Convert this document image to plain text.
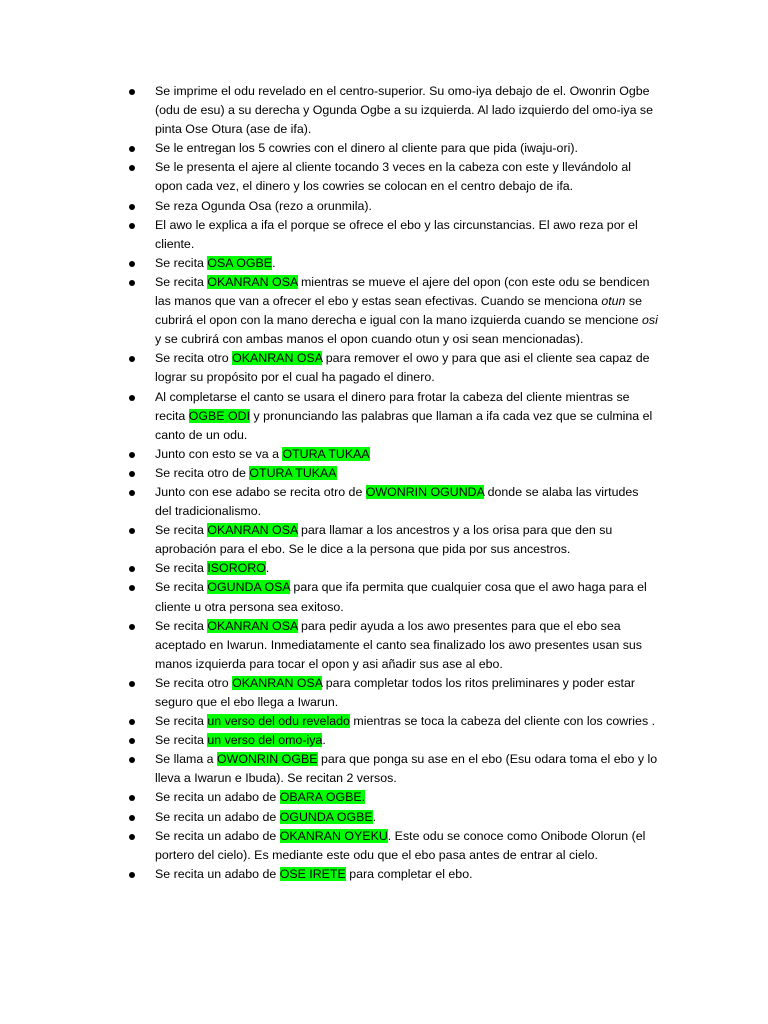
Se imprime el odu revelado en el centro-superior. Su omo-iya debajo de el. Owonrin Ogbe (odu de esu) a su derecha y Ogunda Ogbe a su izquierda. Al lado izquierdo del omo-iya se pinta Ose Otura (ase de ifa).
Se le entregan los 5 cowries con el dinero al cliente para que pida (iwaju-ori).
Se le presenta el ajere al cliente tocando 3 veces en la cabeza con este y llevándolo al opon cada vez, el dinero y los cowries se colocan en el centro debajo de ifa.
Se reza Ogunda Osa (rezo a orunmila).
El awo le explica a ifa el porque se ofrece el ebo y las circunstancias. El awo reza por el cliente.
Se recita OSA OGBE.
Se recita OKANRAN OSA mientras se mueve el ajere del opon (con este odu se bendicen las manos que van a ofrecer el ebo y estas sean efectivas. Cuando se menciona otun se cubrirá el opon con la mano derecha e igual con la mano izquierda cuando se mencione osi y se cubrirá con ambas manos el opon cuando otun y osi sean mencionadas).
Se recita otro OKANRAN OSA para remover el owo y para que asi el cliente sea capaz de lograr su propósito por el cual ha pagado el dinero.
Al completarse el canto se usara el dinero para frotar la cabeza del cliente mientras se recita OGBE ODI y pronunciando las palabras que llaman a ifa cada vez que se culmina el canto de un odu.
Junto con esto se va a OTURA TUKAA
Se recita otro de OTURA TUKAA
Junto con ese adabo se recita otro de OWONRIN OGUNDA donde se alaba las virtudes del tradicionalismo.
Se recita OKANRAN OSA para llamar a los ancestros y a los orisa para que den su aprobación para el ebo. Se le dice a la persona que pida por sus ancestros.
Se recita ISORORO.
Se recita OGUNDA OSA para que ifa permita que cualquier cosa que el awo haga para el cliente u otra persona sea exitoso.
Se recita OKANRAN OSA para pedir ayuda a los awo presentes para que el ebo sea aceptado en Iwarun. Inmediatamente el canto sea finalizado los awo presentes usan sus manos izquierda para tocar el opon y asi añadir sus ase al ebo.
Se recita otro OKANRAN OSA para completar todos los ritos preliminares y poder estar seguro que el ebo llega a Iwarun.
Se recita un verso del odu revelado mientras se toca la cabeza del cliente con los cowries .
Se recita un verso del omo-iya.
Se llama a OWONRIN OGBE para que ponga su ase en el ebo (Esu odara toma el ebo y lo lleva a Iwarun e Ibuda). Se recitan 2 versos.
Se recita un adabo de OBARA OGBE.
Se recita un adabo de OGUNDA OGBE.
Se recita un adabo de OKANRAN OYEKU. Este odu se conoce como Onibode Olorun (el portero del cielo). Es mediante este odu que el ebo pasa antes de entrar al cielo.
Se recita un adabo de OSE IRETE para completar el ebo.
